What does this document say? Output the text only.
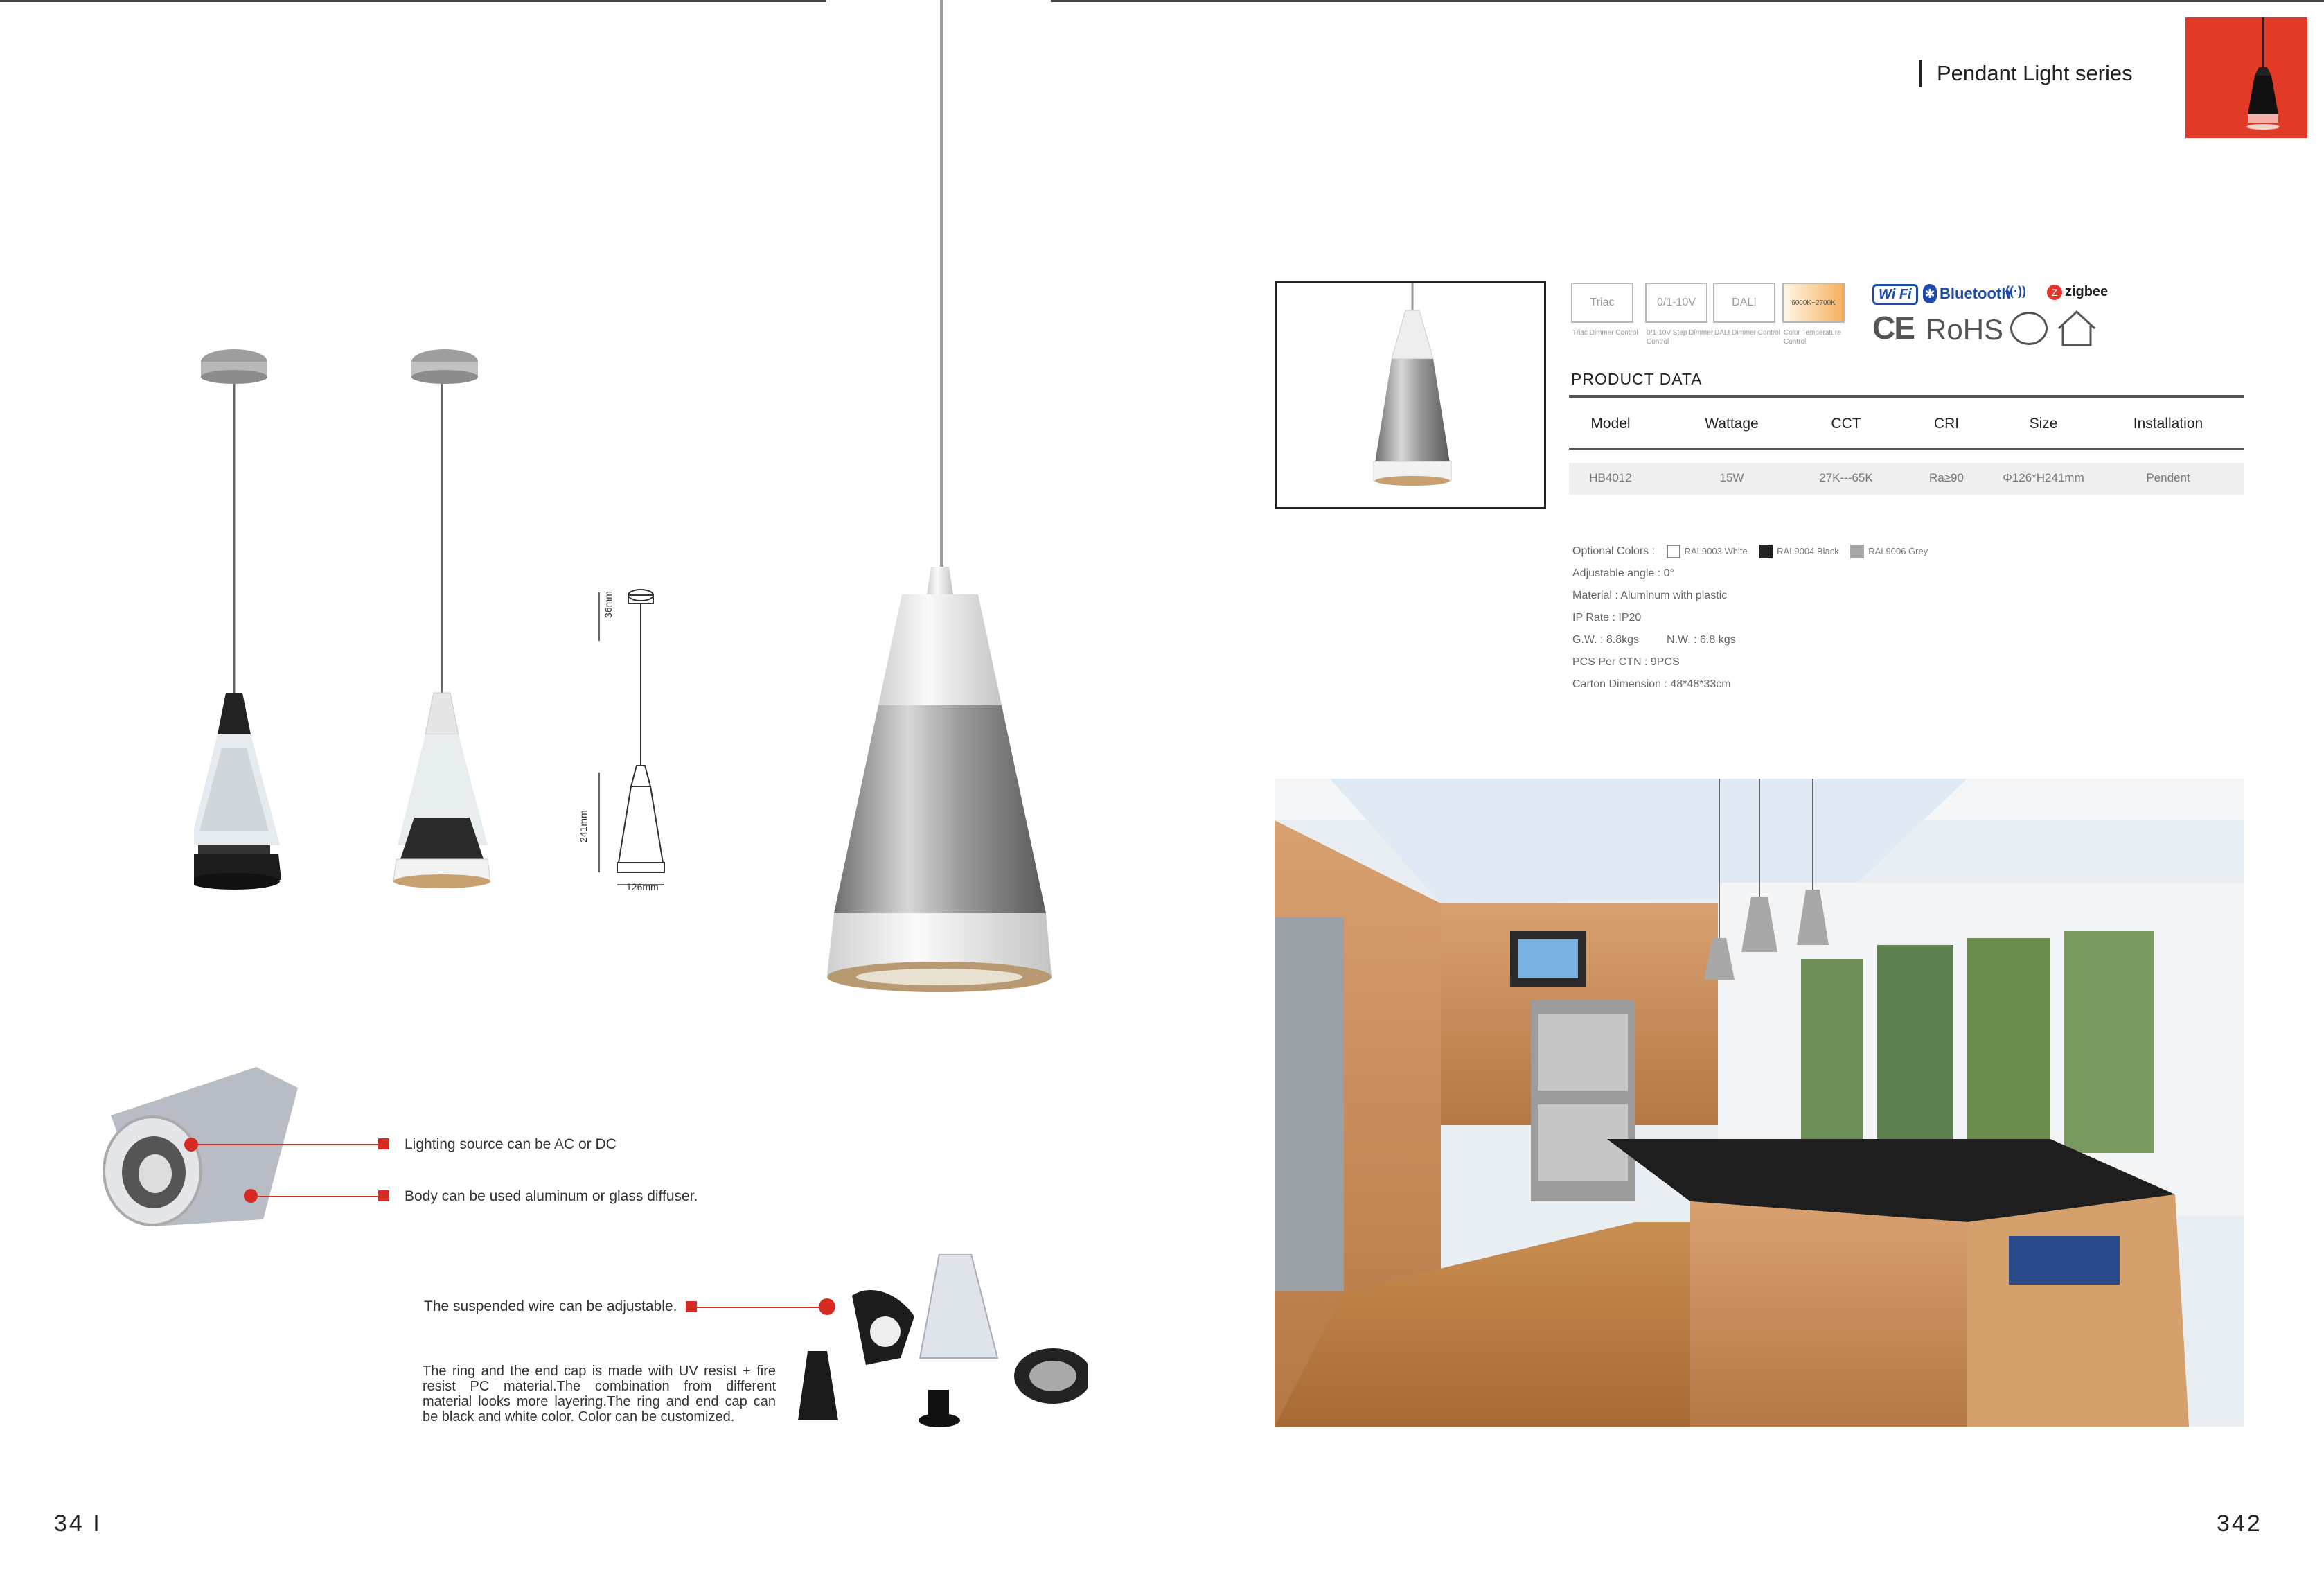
Pendant Light series
36mm
241mm
126mm
Triac
Triac Dimmer Control
0/1-10V
0/1-10V Step Dimmer Control
DALI
DALI Dimmer Control
6000K~2700K
Color Temperature Control
Wi Fi	✱ Bluetooth
((·))	Z zigbee
CE RoHS
PRODUCT DATA
Model	Wattage	CCT	CRI	Size	Installation
HB4012	15W	27K---65K	Ra≥90	Φ126*H241mm	Pendent
Optional Colors :	RAL9003 White	RAL9004 Black	RAL9006 Grey
Adjustable angle : 0°
Material : Aluminum with plastic
IP Rate : IP20
G.W. : 8.8kgs	N.W. : 6.8 kgs
PCS Per CTN : 9PCS
Carton Dimension : 48*48*33cm
Lighting source can be AC or DC
Body can be used aluminum or glass diffuser.
The suspended wire can be adjustable.
The ring and the end cap is made with UV resist + fire resist PC material.The combination from different material looks more layering.The ring and end cap can be black and white color. Color can be customized.
34 I	342
